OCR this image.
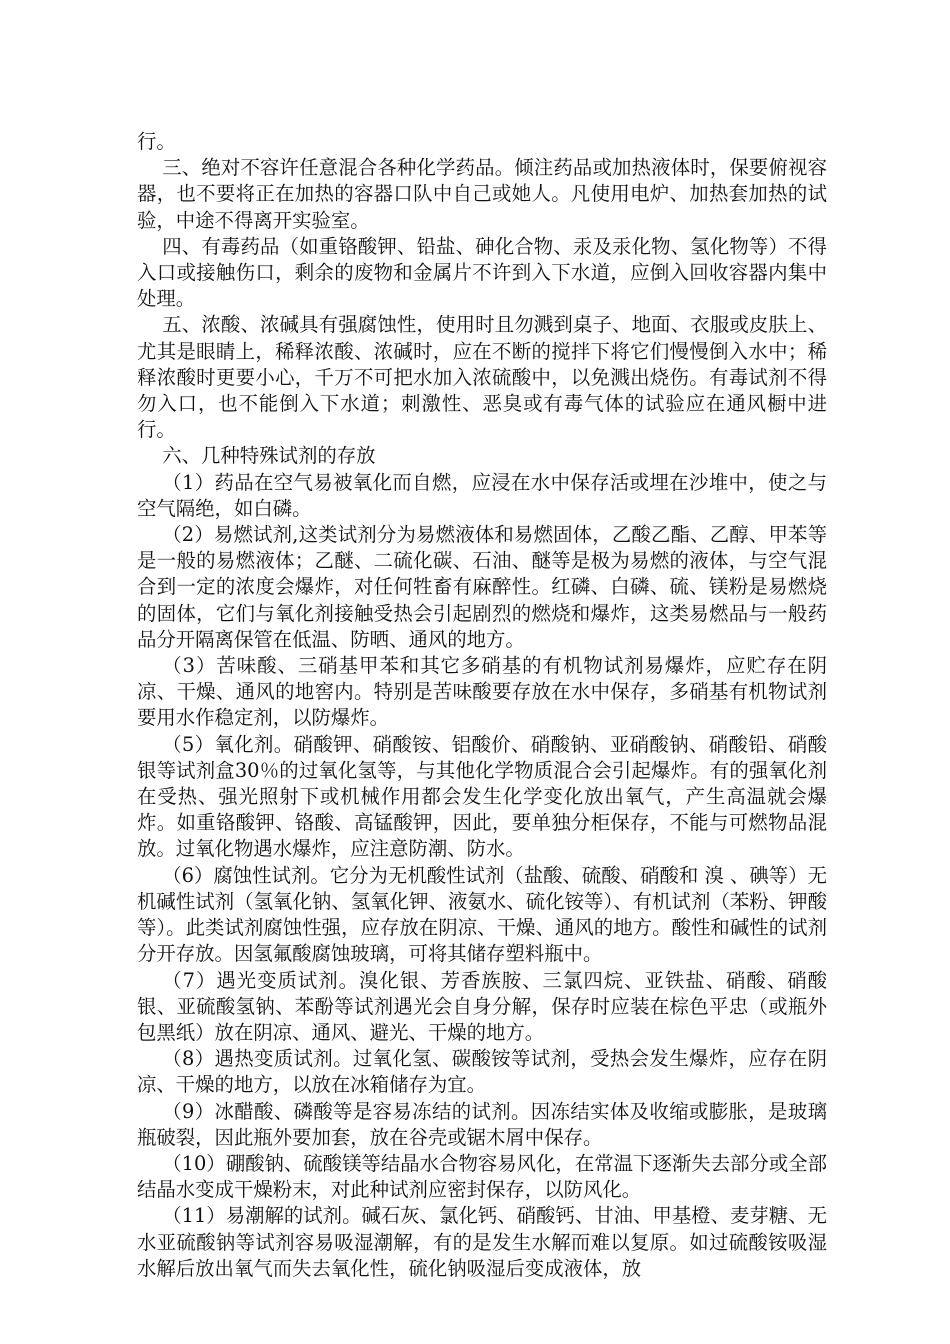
行。

三、绝对不容许任意混合各种化学药品。倾注药品或加热液体时，保要俯视容器，也不要将正在加热的容器口队中自己或她人。凡使用电炉、加热套加热的试验，中途不得离开实验室。

四、有毒药品（如重铬酸钾、铅盐、砷化合物、汞及汞化物、氢化物等）不得入口或接触伤口，剩余的废物和金属片不许到入下水道，应倒入回收容器内集中处理。

五、浓酸、浓碱具有强腐蚀性，使用时且勿溅到桌子、地面、衣服或皮肤上、尤其是眼睛上，稀释浓酸、浓碱时，应在不断的搅拌下将它们慢慢倒入水中；稀释浓酸时更要小心，千万不可把水加入浓硫酸中，以免溅出烧伤。有毒试剂不得勿入口，也不能倒入下水道；刺激性、恶臭或有毒气体的试验应在通风橱中进行。

六、几种特殊试剂的存放

（1）药品在空气易被氧化而自燃，应浸在水中保存活或埋在沙堆中，使之与空气隔绝，如白磷。

（2）易燃试剂,这类试剂分为易燃液体和易燃固体，乙酸乙酯、乙醇、甲苯等是一般的易燃液体；乙醚、二硫化碳、石油、醚等是极为易燃的液体，与空气混合到一定的浓度会爆炸，对任何牲畜有麻醉性。红磷、白磷、硫、镁粉是易燃烧的固体，它们与氧化剂接触受热会引起剧烈的燃烧和爆炸，这类易燃品与一般药品分开隔离保管在低温、防晒、通风的地方。

（3）苦味酸、三硝基甲苯和其它多硝基的有机物试剂易爆炸，应贮存在阴凉、干燥、通风的地窖内。特别是苦味酸要存放在水中保存，多硝基有机物试剂要用水作稳定剂，以防爆炸。

（5）氧化剂。硝酸钾、硝酸铵、铝酸价、硝酸钠、亚硝酸钠、硝酸铅、硝酸银等试剂盒30％的过氧化氢等，与其他化学物质混合会引起爆炸。有的强氧化剂在受热、强光照射下或机械作用都会发生化学变化放出氧气，产生高温就会爆炸。如重铬酸钾、铬酸、高锰酸钾，因此，要单独分柜保存，不能与可燃物品混放。过氧化物遇水爆炸，应注意防潮、防水。

（6）腐蚀性试剂。它分为无机酸性试剂（盐酸、硫酸、硝酸和 溴 、碘等）无机碱性试剂（氢氧化钠、氢氧化钾、液氨水、硫化铵等）、有机试剂（苯粉、钾酸等）。此类试剂腐蚀性强，应存放在阴凉、干燥、通风的地方。酸性和碱性的试剂分开存放。因氢氟酸腐蚀玻璃，可将其储存塑料瓶中。

（7）遇光变质试剂。溴化银、芳香族胺、三氯四烷、亚铁盐、硝酸、硝酸银、亚硫酸氢钠、苯酚等试剂遇光会自身分解，保存时应装在棕色平忠（或瓶外包黑纸）放在阴凉、通风、避光、干燥的地方。

（8）遇热变质试剂。过氧化氢、碳酸铵等试剂，受热会发生爆炸，应存在阴凉、干燥的地方，以放在冰箱储存为宜。

（9）冰醋酸、磷酸等是容易冻结的试剂。因冻结实体及收缩或膨胀，是玻璃瓶破裂，因此瓶外要加套，放在谷壳或锯木屑中保存。

（10）硼酸钠、硫酸镁等结晶水合物容易风化，在常温下逐渐失去部分或全部结晶水变成干燥粉末，对此种试剂应密封保存，以防风化。

（11）易潮解的试剂。碱石灰、氯化钙、硝酸钙、甘油、甲基橙、麦芽糖、无水亚硫酸钠等试剂容易吸湿潮解，有的是发生水解而难以复原。如过硫酸铵吸湿水解后放出氧气而失去氧化性，硫化钠吸湿后变成液体，放
